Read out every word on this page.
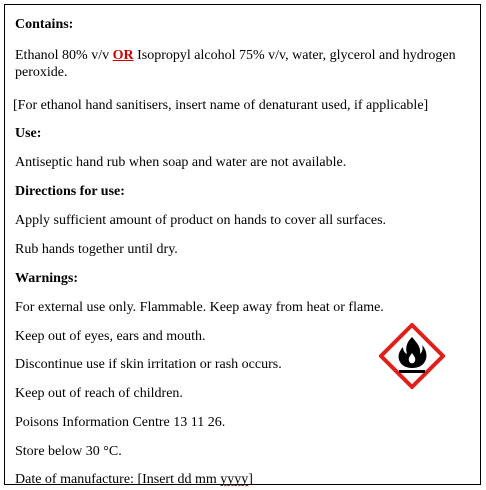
Contains:
Ethanol 80% v/v OR Isopropyl alcohol 75% v/v, water, glycerol and hydrogen
peroxide.
[For ethanol hand sanitisers, insert name of denaturant used, if applicable]
Use:
Antiseptic hand rub when soap and water are not available.
Directions for use:
Apply sufficient amount of product on hands to cover all surfaces.
Rub hands together until dry.
Warnings:
For external use only. Flammable. Keep away from heat or flame.
Keep out of eyes, ears and mouth.
Discontinue use if skin irritation or rash occurs.
Keep out of reach of children.
Poisons Information Centre 13 11 26.
Store below 30 °C.
Date of manufacture: [Insert dd mm yyyy]
